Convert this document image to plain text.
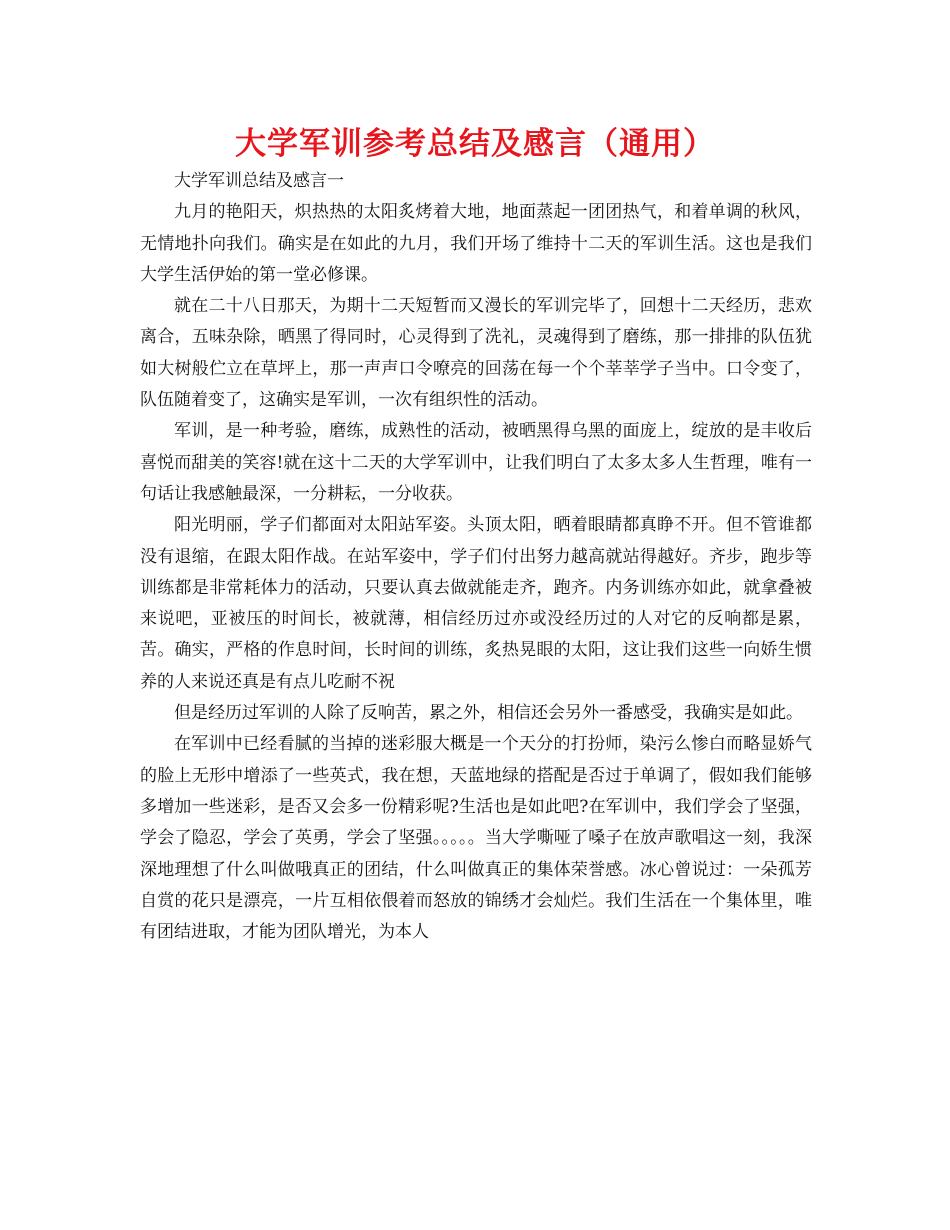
大学军训参考总结及感言（通用）

大学军训总结及感言一

九月的艳阳天，炽热热的太阳炙烤着大地，地面蒸起一团团热气，和着单调的秋风，无情地扑向我们。确实是在如此的九月，我们开场了维持十二天的军训生活。这也是我们大学生活伊始的第一堂必修课。

就在二十八日那天，为期十二天短暂而又漫长的军训完毕了，回想十二天经历，悲欢离合，五味杂除，晒黑了得同时，心灵得到了洗礼，灵魂得到了磨练，那一排排的队伍犹如大树般伫立在草坪上，那一声声口令嘹亮的回荡在每一个个莘莘学子当中。口令变了，队伍随着变了，这确实是军训，一次有组织性的活动。

军训，是一种考验，磨练，成熟性的活动，被晒黑得乌黑的面庞上，绽放的是丰收后喜悦而甜美的笑容!就在这十二天的大学军训中，让我们明白了太多太多人生哲理，唯有一句话让我感触最深，一分耕耘，一分收获。

阳光明丽，学子们都面对太阳站军姿。头顶太阳，晒着眼睛都真睁不开。但不管谁都没有退缩，在跟太阳作战。在站军姿中，学子们付出努力越高就站得越好。齐步，跑步等训练都是非常耗体力的活动，只要认真去做就能走齐，跑齐。内务训练亦如此，就拿叠被来说吧，亚被压的时间长，被就薄，相信经历过亦或没经历过的人对它的反响都是累，苦。确实，严格的作息时间，长时间的训练，炙热晃眼的太阳，这让我们这些一向娇生惯养的人来说还真是有点儿吃耐不祝

但是经历过军训的人除了反响苦，累之外，相信还会另外一番感受，我确实是如此。

在军训中已经看腻的当掉的迷彩服大概是一个天分的打扮师，染污么惨白而略显娇气的脸上无形中增添了一些英式，我在想，天蓝地绿的搭配是否过于单调了，假如我们能够多增加一些迷彩，是否又会多一份精彩呢?生活也是如此吧?在军训中，我们学会了坚强，学会了隐忍，学会了英勇，学会了坚强。。。。。当大学嘶哑了嗓子在放声歌唱这一刻，我深深地理想了什么叫做哦真正的团结，什么叫做真正的集体荣誉感。冰心曾说过：一朵孤芳自赏的花只是漂亮，一片互相依偎着而怒放的锦绣才会灿烂。我们生活在一个集体里，唯有团结进取，才能为团队增光，为本人
